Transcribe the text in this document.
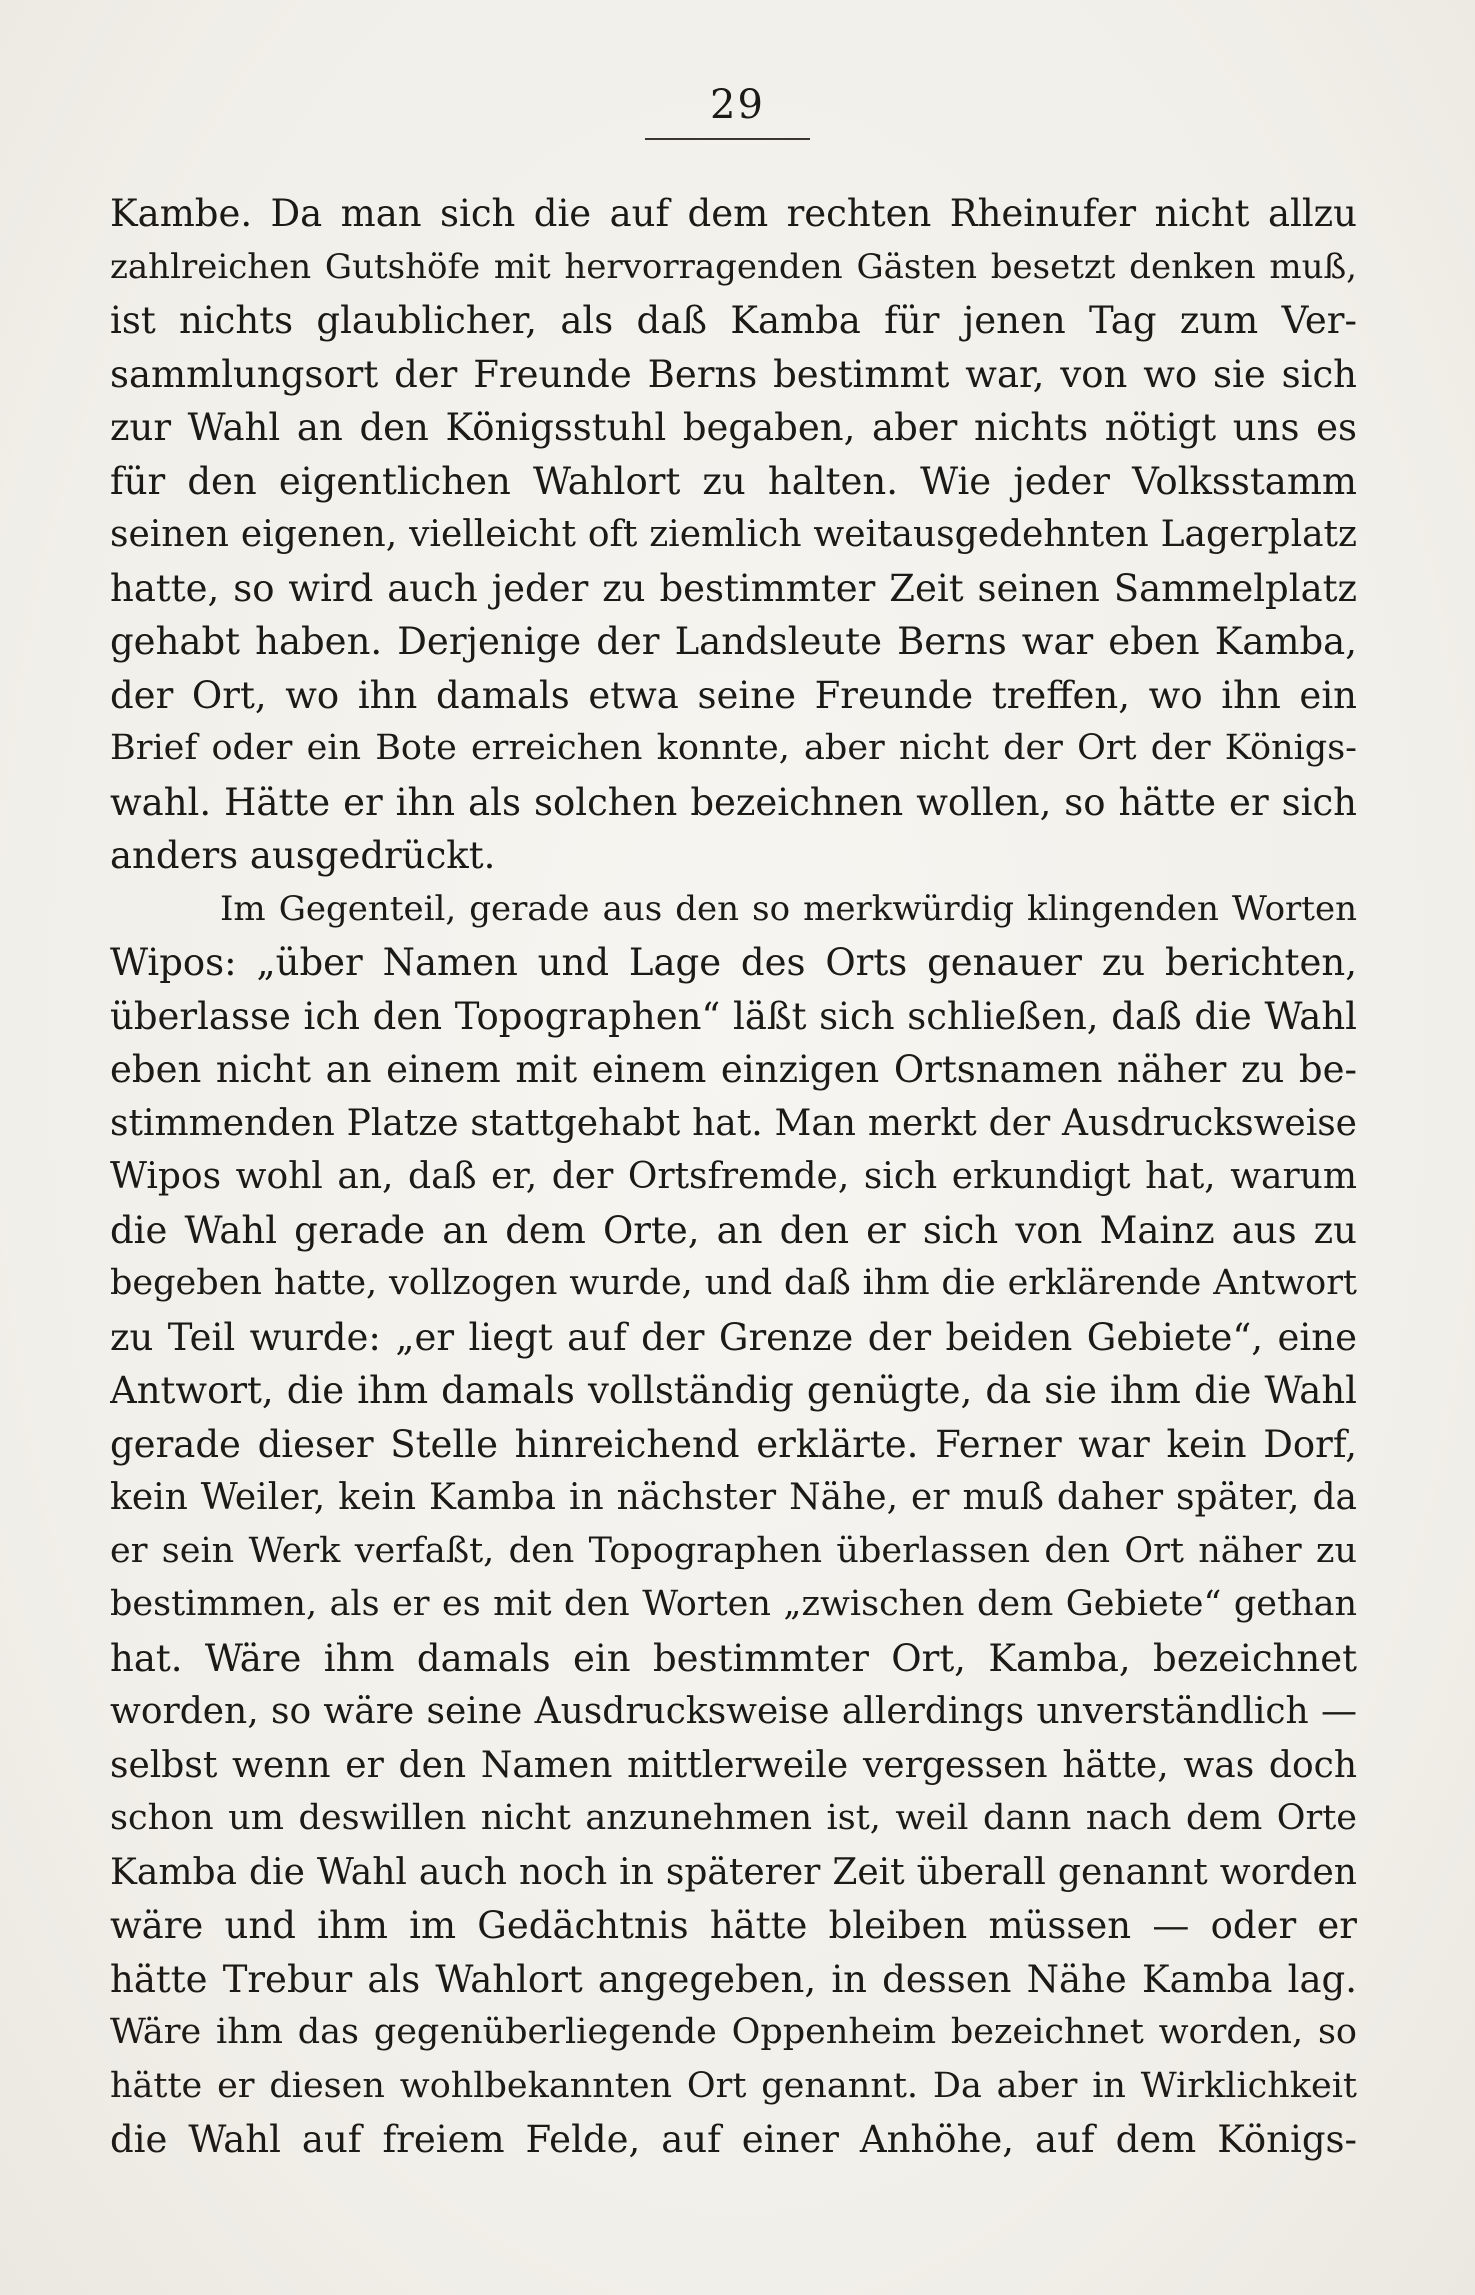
29
Kambe. Da man sich die auf dem rechten Rheinufer nicht allzu
zahlreichen Gutshöfe mit hervorragenden Gästen besetzt denken muß,
ist nichts glaublicher, als daß Kamba für jenen Tag zum Ver-
sammlungsort der Freunde Berns bestimmt war, von wo sie sich
zur Wahl an den Königsstuhl begaben, aber nichts nötigt uns es
für den eigentlichen Wahlort zu halten. Wie jeder Volksstamm
seinen eigenen, vielleicht oft ziemlich weitausgedehnten Lagerplatz
hatte, so wird auch jeder zu bestimmter Zeit seinen Sammelplatz
gehabt haben. Derjenige der Landsleute Berns war eben Kamba,
der Ort, wo ihn damals etwa seine Freunde treffen, wo ihn ein
Brief oder ein Bote erreichen konnte, aber nicht der Ort der Königs-
wahl. Hätte er ihn als solchen bezeichnen wollen, so hätte er sich
anders ausgedrückt.
Im Gegenteil, gerade aus den so merkwürdig klingenden Worten
Wipos: „über Namen und Lage des Orts genauer zu berichten,
überlasse ich den Topographen“ läßt sich schließen, daß die Wahl
eben nicht an einem mit einem einzigen Ortsnamen näher zu be-
stimmenden Platze stattgehabt hat. Man merkt der Ausdrucksweise
Wipos wohl an, daß er, der Ortsfremde, sich erkundigt hat, warum
die Wahl gerade an dem Orte, an den er sich von Mainz aus zu
begeben hatte, vollzogen wurde, und daß ihm die erklärende Antwort
zu Teil wurde: „er liegt auf der Grenze der beiden Gebiete“, eine
Antwort, die ihm damals vollständig genügte, da sie ihm die Wahl
gerade dieser Stelle hinreichend erklärte. Ferner war kein Dorf,
kein Weiler, kein Kamba in nächster Nähe, er muß daher später, da
er sein Werk verfaßt, den Topographen überlassen den Ort näher zu
bestimmen, als er es mit den Worten „zwischen dem Gebiete“ gethan
hat. Wäre ihm damals ein bestimmter Ort, Kamba, bezeichnet
worden, so wäre seine Ausdrucksweise allerdings unverständlich —
selbst wenn er den Namen mittlerweile vergessen hätte, was doch
schon um deswillen nicht anzunehmen ist, weil dann nach dem Orte
Kamba die Wahl auch noch in späterer Zeit überall genannt worden
wäre und ihm im Gedächtnis hätte bleiben müssen — oder er
hätte Trebur als Wahlort angegeben, in dessen Nähe Kamba lag.
Wäre ihm das gegenüberliegende Oppenheim bezeichnet worden, so
hätte er diesen wohlbekannten Ort genannt. Da aber in Wirklichkeit
die Wahl auf freiem Felde, auf einer Anhöhe, auf dem Königs-
